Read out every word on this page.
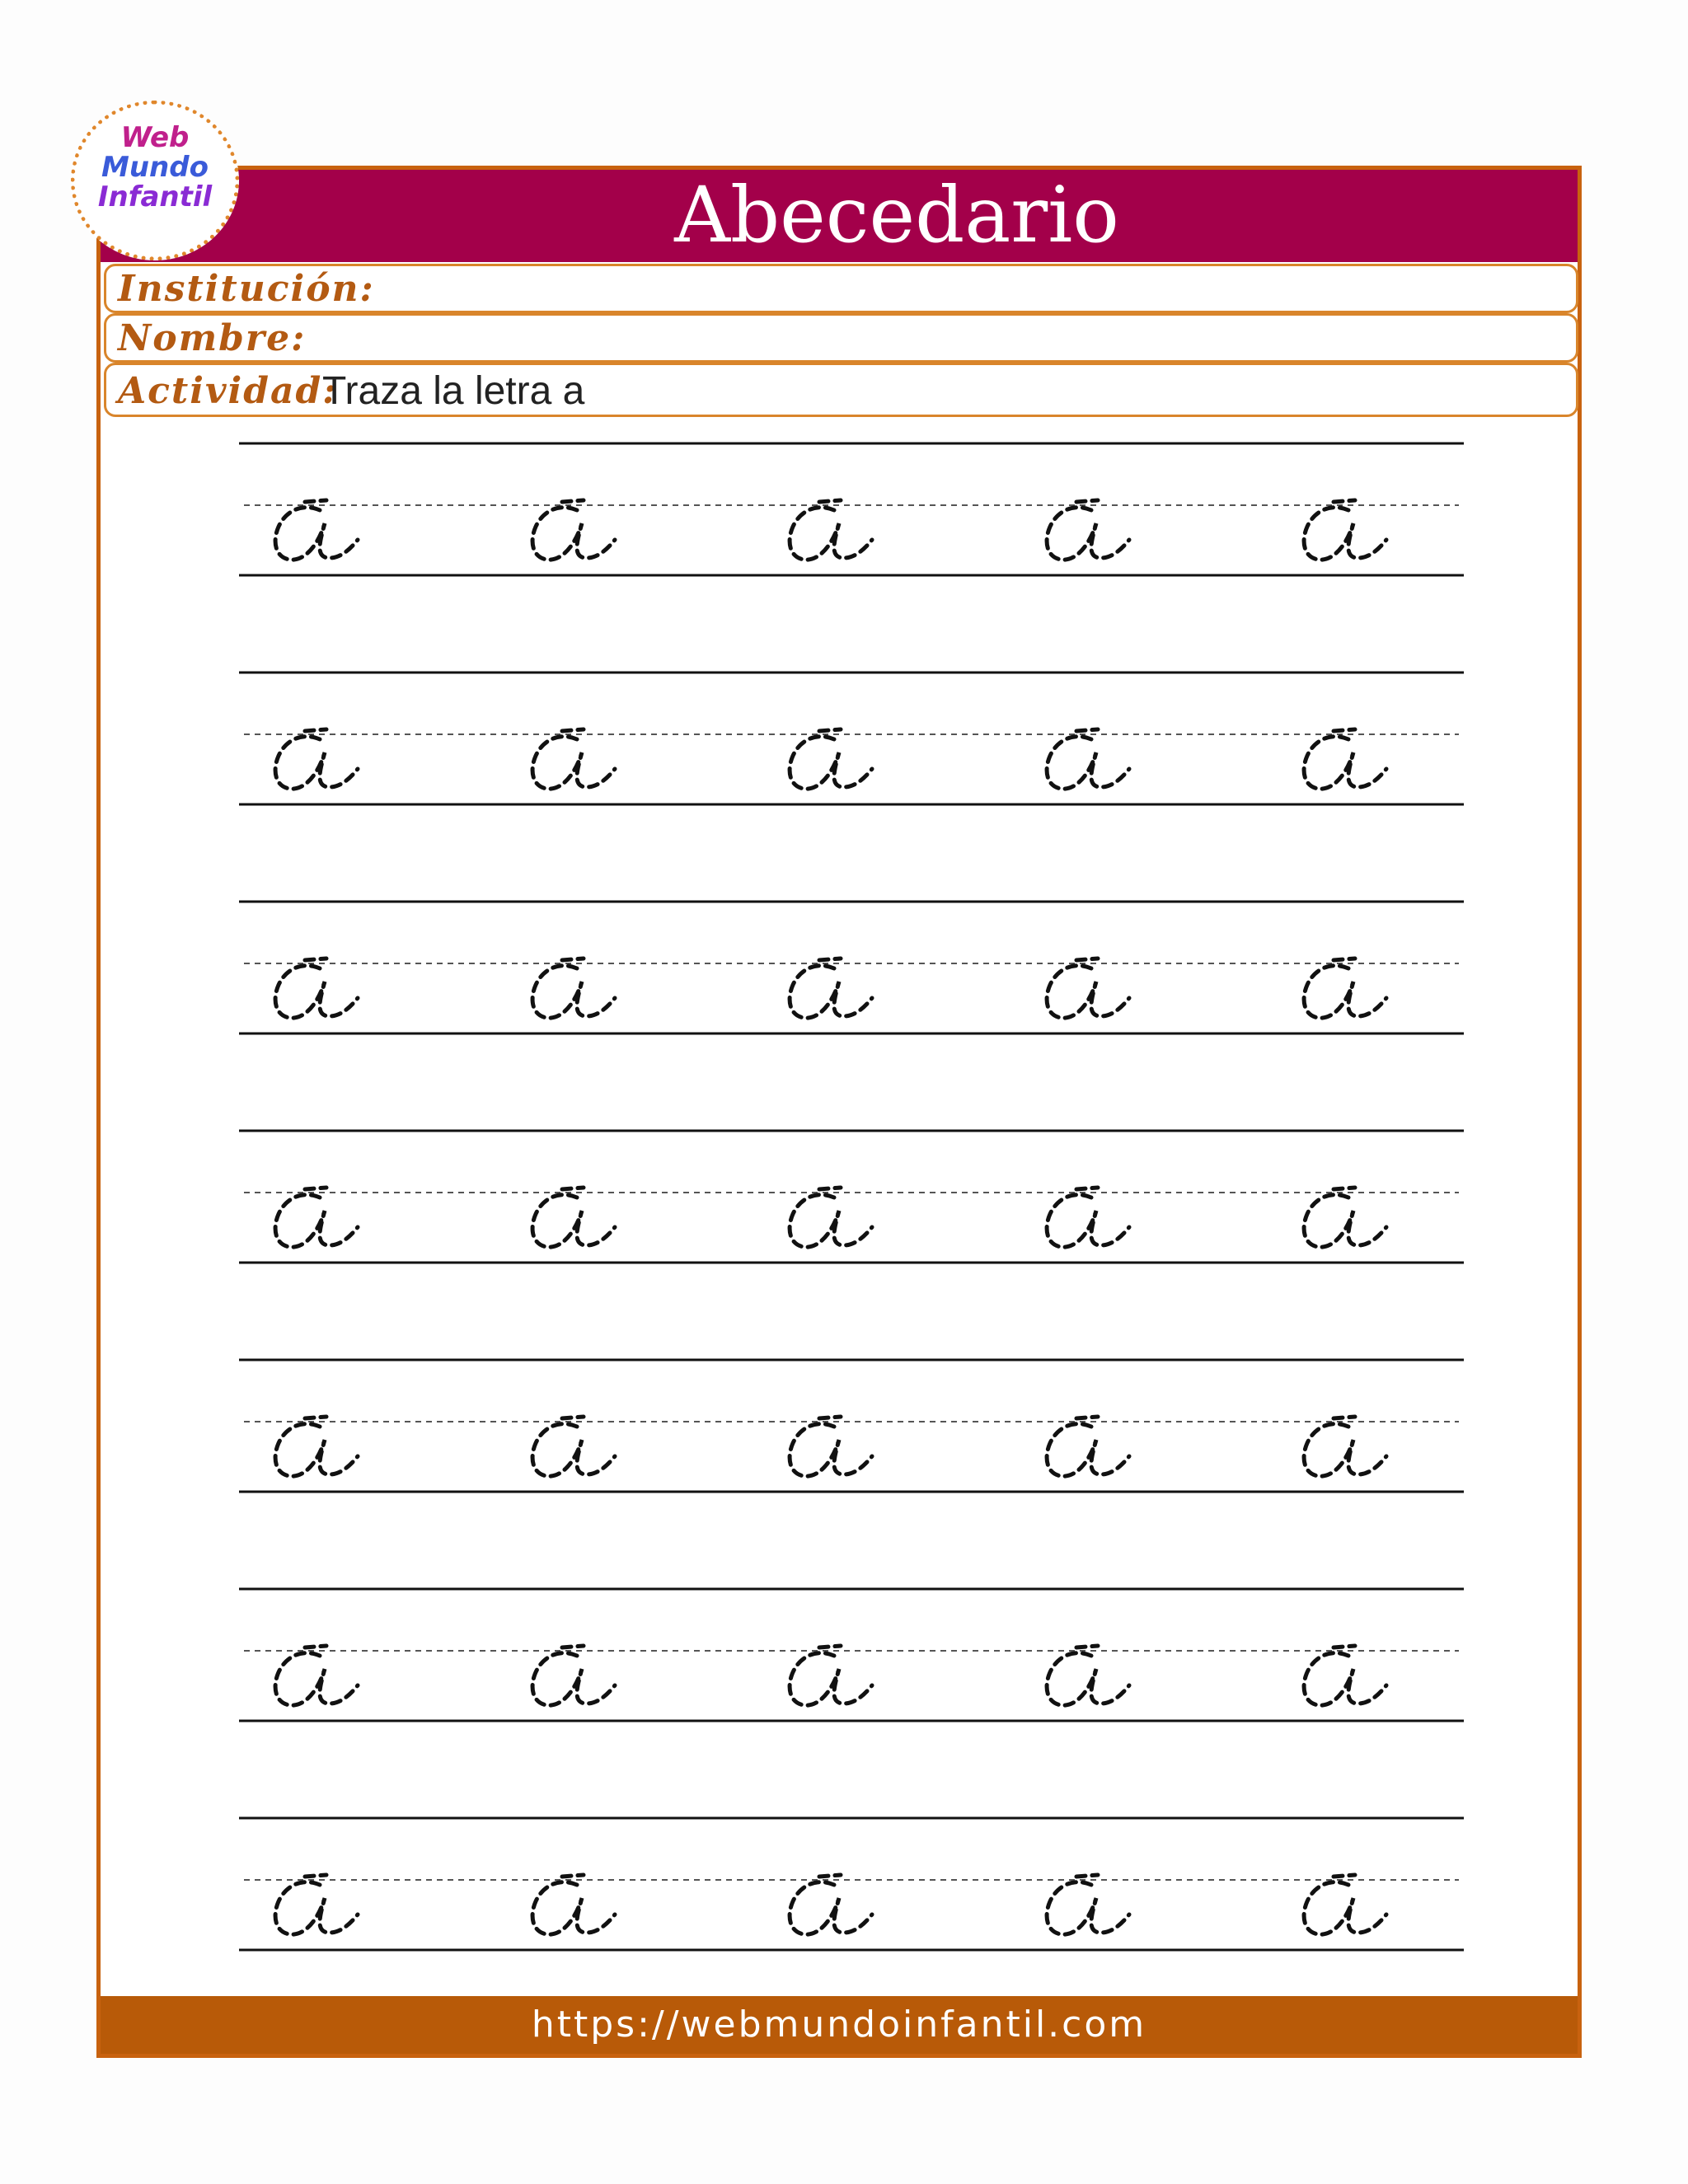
Abecedario
Institución:
Nombre:
Actividad:
Traza la letra a
https://webmundoinfantil.com
Web
Mundo
Infantil
